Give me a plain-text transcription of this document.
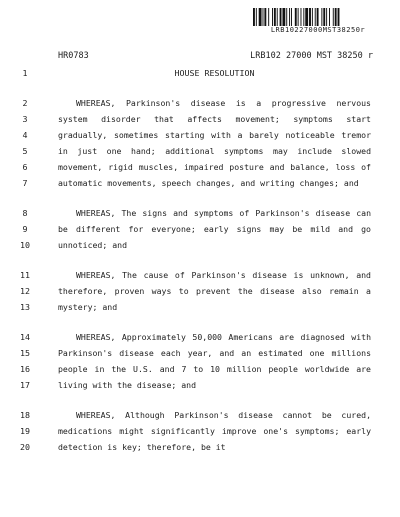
LRB10227000MST38250r
HR0783	LRB102 27000 MST 38250 r
1	HOUSE RESOLUTION
2	WHEREAS, Parkinson's disease is a progressive nervous
3	system disorder that affects movement; symptoms start
4	gradually, sometimes starting with a barely noticeable tremor
5	in just one hand; additional symptoms may include slowed
6	movement, rigid muscles, impaired posture and balance, loss of
7	automatic movements, speech changes, and writing changes; and
8	WHEREAS, The signs and symptoms of Parkinson's disease can
9	be different for everyone; early signs may be mild and go
10	unnoticed; and
11	WHEREAS, The cause of Parkinson's disease is unknown, and
12	therefore, proven ways to prevent the disease also remain a
13	mystery; and
14	WHEREAS, Approximately 50,000 Americans are diagnosed with
15	Parkinson's disease each year, and an estimated one millions
16	people in the U.S. and 7 to 10 million people worldwide are
17	living with the disease; and
18	WHEREAS, Although Parkinson's disease cannot be cured,
19	medications might significantly improve one's symptoms; early
20	detection is key; therefore, be it
